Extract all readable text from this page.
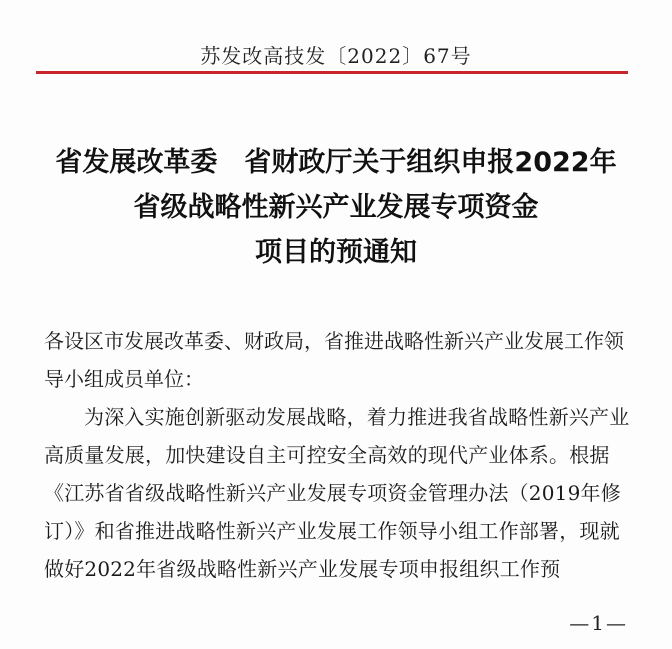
苏发改高技发〔2022〕67号
省发展改革委　省财政厅关于组织申报2022年
省级战略性新兴产业发展专项资金
项目的预通知

各设区市发展改革委、财政局，省推进战略性新兴产业发展工作领导小组成员单位：

为深入实施创新驱动发展战略，着力推进我省战略性新兴产业高质量发展，加快建设自主可控安全高效的现代产业体系。根据《江苏省省级战略性新兴产业发展专项资金管理办法（2019年修订）》和省推进战略性新兴产业发展工作领导小组工作部署，现就做好2022年省级战略性新兴产业发展专项申报组织工作预

—1—
